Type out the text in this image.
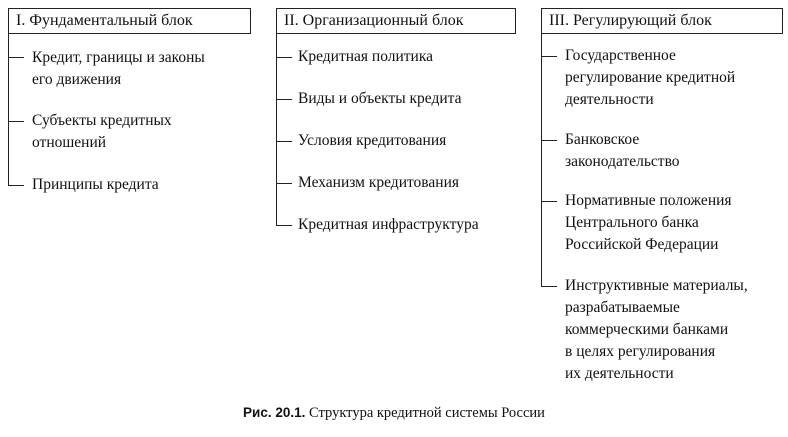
I. Фундаментальный блок

Кредит, границы и законы
его движения

Субъекты кредитных
отношений

Принципы кредита

II. Организационный блок

Кредитная политика

Виды и объекты кредита

Условия кредитования

Механизм кредитования

Кредитная инфраструктура

III. Регулирующий блок

Государственное
регулирование кредитной
деятельности

Банковское
законодательство

Нормативные положения
Центрального банка
Российской Федерации

Инструктивные материалы,
разрабатываемые
коммерческими банками
в целях регулирования
их деятельности

Рис. 20.1. Структура кредитной системы России
